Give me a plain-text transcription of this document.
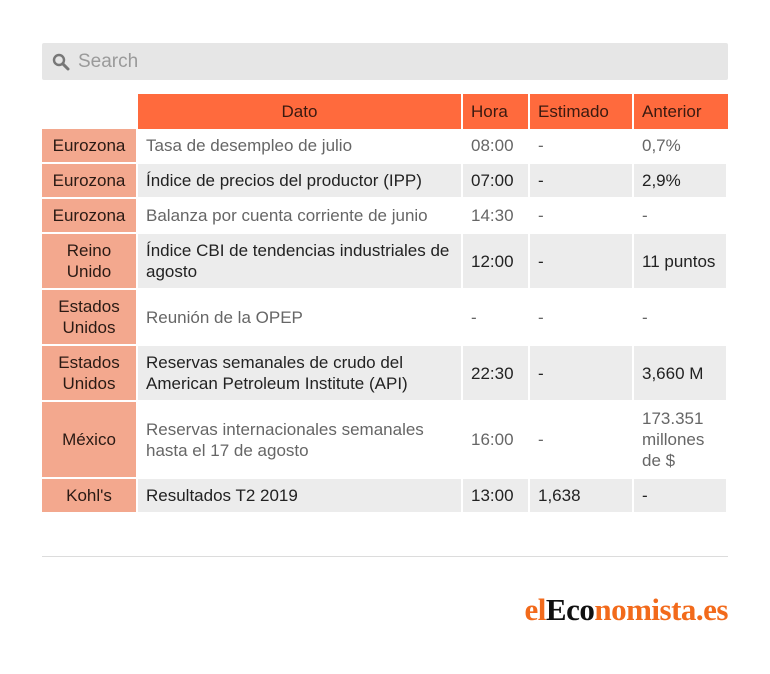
Search
	Dato	Hora	Estimado	Anterior
Eurozona	Tasa de desempleo de julio	08:00	-	0,7%
Eurozona	Índice de precios del productor (IPP)	07:00	-	2,9%
Eurozona	Balanza por cuenta corriente de junio	14:30	-	-
Reino Unido	Índice CBI de tendencias industriales de agosto	12:00	-	11 puntos
Estados Unidos	Reunión de la OPEP	-	-	-
Estados Unidos	Reservas semanales de crudo del American Petroleum Institute (API)	22:30	-	3,660 M
México	Reservas internacionales semanales hasta el 17 de agosto	16:00	-	173.351 millones de $
Kohl's	Resultados T2 2019	13:00	1,638	-
elEconomista.es
